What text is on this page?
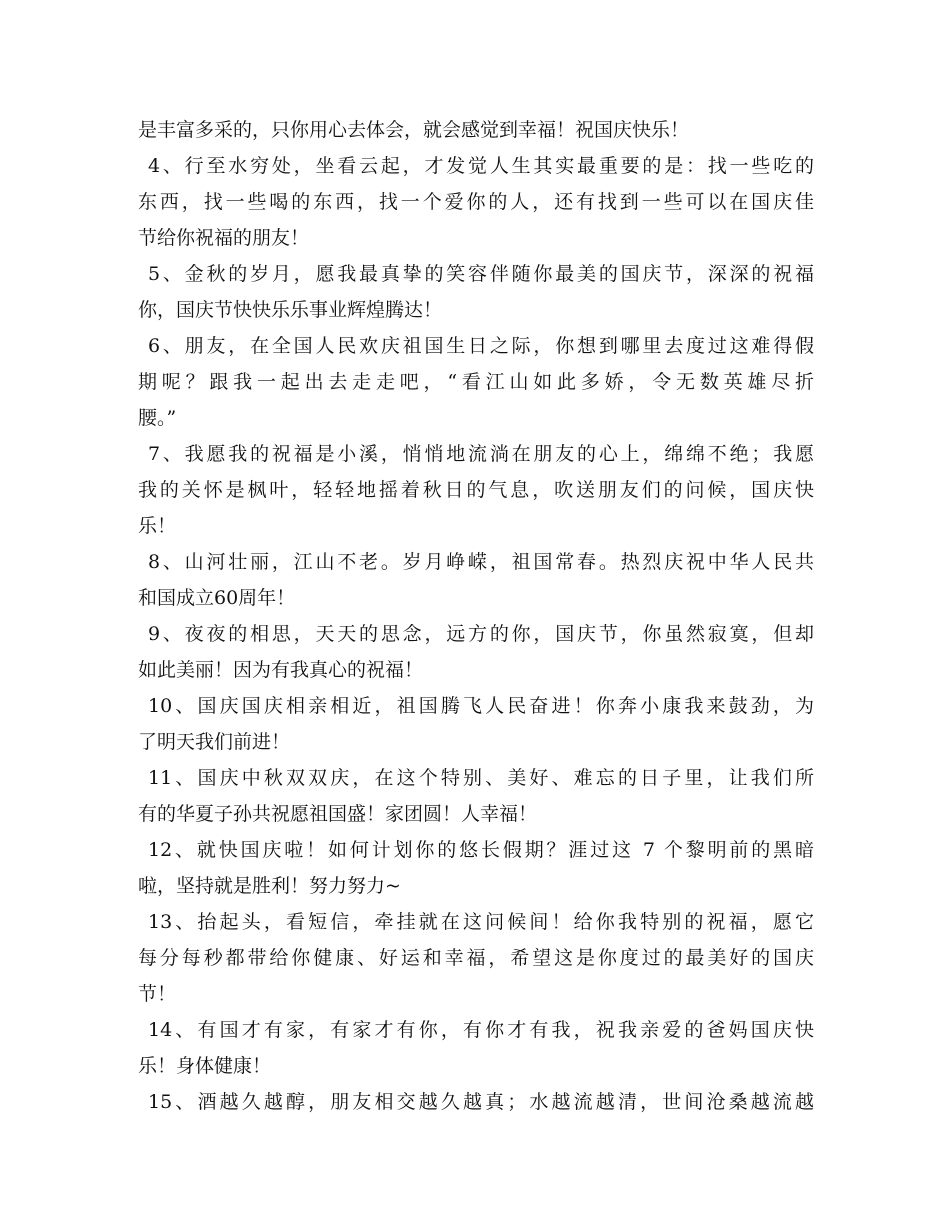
是丰富多采的，只你用心去体会，就会感觉到幸福！祝国庆快乐！
4、行至水穷处，坐看云起，才发觉人生其实最重要的是：找一些吃的
东西，找一些喝的东西，找一个爱你的人，还有找到一些可以在国庆佳
节给你祝福的朋友！
5、金秋的岁月，愿我最真挚的笑容伴随你最美的国庆节，深深的祝福
你，国庆节快快乐乐事业辉煌腾达！
6、朋友，在全国人民欢庆祖国生日之际，你想到哪里去度过这难得假
期呢？跟我一起出去走走吧，“看江山如此多娇，令无数英雄尽折
腰。”
7、我愿我的祝福是小溪，悄悄地流淌在朋友的心上，绵绵不绝；我愿
我的关怀是枫叶，轻轻地摇着秋日的气息，吹送朋友们的问候，国庆快
乐！
8、山河壮丽，江山不老。岁月峥嵘，祖国常春。热烈庆祝中华人民共
和国成立60周年！
9、夜夜的相思，天天的思念，远方的你，国庆节，你虽然寂寞，但却
如此美丽！因为有我真心的祝福！
10、国庆国庆相亲相近，祖国腾飞人民奋进！你奔小康我来鼓劲，为
了明天我们前进！
11、国庆中秋双双庆，在这个特别、美好、难忘的日子里，让我们所
有的华夏子孙共祝愿祖国盛！家团圆！人幸福！
12、就快国庆啦！如何计划你的悠长假期？涯过这 7 个黎明前的黑暗
啦，坚持就是胜利！努力努力~
13、抬起头，看短信，牵挂就在这问候间！给你我特别的祝福，愿它
每分每秒都带给你健康、好运和幸福，希望这是你度过的最美好的国庆
节！
14、有国才有家，有家才有你，有你才有我，祝我亲爱的爸妈国庆快
乐！身体健康！
15、酒越久越醇，朋友相交越久越真；水越流越清，世间沧桑越流越
